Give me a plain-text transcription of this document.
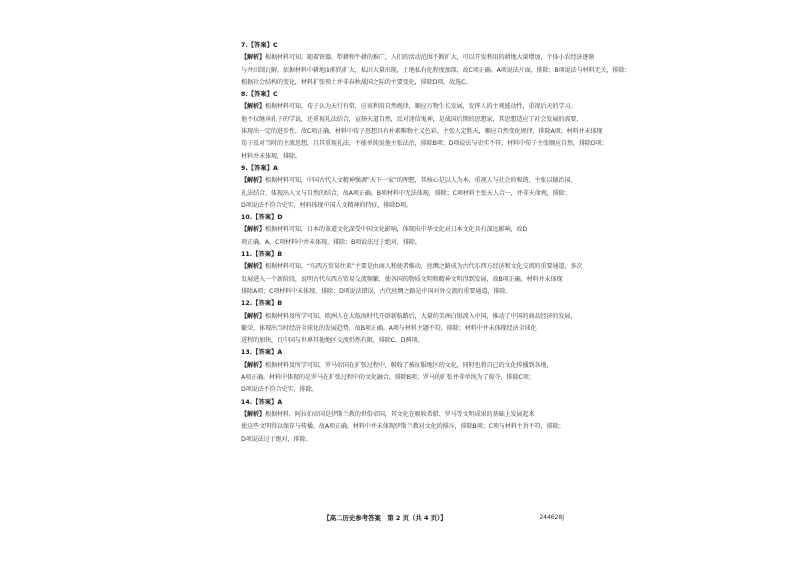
7.【答案】C
【解析】根据材料可知，随着铁器、犁耕和牛耕的推广，人们的活动范围不断扩大，可以开发利用的耕地大量增加，个体小农经济逐渐
与井田制瓦解。依据材料中耕地面积的扩大，私田大量出现，土地私有化程度加深，故C项正确。A项说法片面，排除；B项说法与材料无关，排除；
根据社会结构的变化，材料扩张领土并非春秋战国之际的主要变化，排除D项。故选C。
8.【答案】C
【解析】根据材料可知，荀子认为天行有常，应该利用自然规律，顺应万物生长发展，发挥人的主观能动性，重视后天的学习。
他不仅继承孔子的学说，还重视礼法结合，宣扬天道自然，反对迷信鬼神，是战国后期的思想家，其思想适应了社会发展的需要，
体现出一定的进步性，故C项正确。材料中荀子思想具有朴素唯物主义色彩，主张人定胜天，顺应自然变化规律，排除A项；材料并未体现
荀子反对当时的主流思想，且其重视礼法，不能单纯说他主张法治，排除B项；D项说法与史实不符，材料中荀子主张顺应自然，排除D项；
材料并未体现，排除。
9.【答案】A
【解析】根据材料可知，中国古代人文精神强调“天下一家”的理想，其核心是以人为本，重视人与社会的和谐，主张以德治国、
礼法结合，体现出人文与自然的结合，故A项正确。B项材料中无法体现，排除；C项材料主张天人合一，并非天命观，排除；
D项说法不符合史实，材料体现中国人文精神的特征，排除D项。
10.【答案】D
【解析】根据材料可知，日本的茶道文化深受中国文化影响，体现出中华文化对日本文化具有深远影响，故D
项正确。A、C项材料中并未体现，排除；B项说法过于绝对，排除。
11.【答案】B
【解析】根据材料可知，“东西方贸易往来”主要是由商人和使者推动，丝绸之路成为古代东西方经济和文化交流的重要通道，多次
发展进入一个新阶段，说明古代东西方贸易交流频繁，使各国的物质文明和精神文明得到发展，故B项正确。材料并未体现
排除A项；C项材料中未体现，排除；D项说法错误，古代丝绸之路是中国对外交流的重要通道，排除。
12.【答案】B
【解析】根据材料及所学可知，欧洲人在大航海时代开辟新航路后，大量的美洲白银流入中国，推动了中国的商品经济的发展，
繁荣，体现出当时经济全球化的发展趋势，故B项正确。A项与材料主题不符，排除；材料中并未体现经济全球化
进程的加快，且中国与世界其他地区交流仍然有限，排除C、D两项。
13.【答案】A
【解析】根据材料及所学可知，罗马帝国在扩张过程中，吸收了被征服地区的文化，同时也将自己的文化传播到各地，
A项正确。材料中体现的是罗马在扩张过程中的文化融合，排除B项；罗马的扩张并非单纯为了掠夺，排除C项；
D项说法不符合史实，排除。
14.【答案】A
【解析】根据材料，阿拉伯帝国是伊斯兰教的世俗帝国，其文化在吸收希腊、罗马等文明成果的基础上发展起来
使这些文明得以保存与传播，故A项正确。材料中并未体现伊斯兰教对文化的排斥，排除B项；C项与材料主旨不符，排除；
D项说法过于绝对，排除。
【高二历史参考答案　第 2 页（共 4 页）】	244628J
